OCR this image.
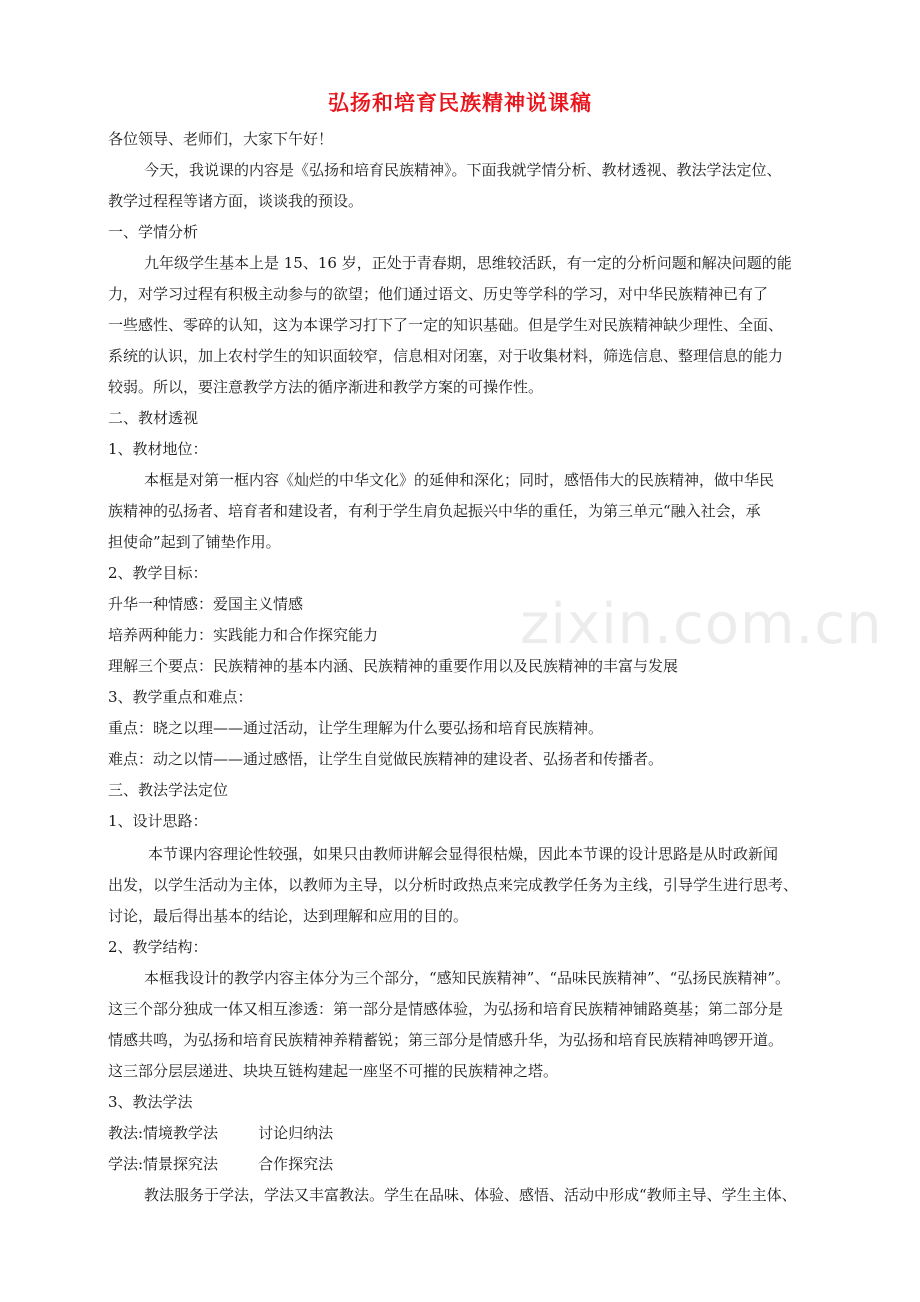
弘扬和培育民族精神说课稿
zixin.com.cn
各位领导、老师们，大家下午好！
今天，我说课的内容是《弘扬和培育民族精神》。下面我就学情分析、教材透视、教法学法定位、
教学过程程等诸方面，谈谈我的预设。
一、学情分析
九年级学生基本上是 15、16 岁，正处于青春期，思维较活跃，有一定的分析问题和解决问题的能
力，对学习过程有积极主动参与的欲望；他们通过语文、历史等学科的学习，对中华民族精神已有了
一些感性、零碎的认知，这为本课学习打下了一定的知识基础。但是学生对民族精神缺少理性、全面、
系统的认识，加上农村学生的知识面较窄，信息相对闭塞，对于收集材料，筛选信息、整理信息的能力
较弱。所以，要注意教学方法的循序渐进和教学方案的可操作性。
二、教材透视
1、教材地位：
本框是对第一框内容《灿烂的中华文化》的延伸和深化；同时，感悟伟大的民族精神，做中华民
族精神的弘扬者、培育者和建设者，有利于学生肩负起振兴中华的重任，为第三单元“融入社会，承
担使命”起到了铺垫作用。
2、教学目标：
升华一种情感：爱国主义情感
培养两种能力：实践能力和合作探究能力
理解三个要点：民族精神的基本内涵、民族精神的重要作用以及民族精神的丰富与发展
3、教学重点和难点：
重点：晓之以理——通过活动，让学生理解为什么要弘扬和培育民族精神。
难点：动之以情——通过感悟，让学生自觉做民族精神的建设者、弘扬者和传播者。
三、教法学法定位
1、设计思路：
本节课内容理论性较强，如果只由教师讲解会显得很枯燥，因此本节课的设计思路是从时政新闻
出发，以学生活动为主体，以教师为主导，以分析时政热点来完成教学任务为主线，引导学生进行思考、
讨论，最后得出基本的结论，达到理解和应用的目的。
2、教学结构：
本框我设计的教学内容主体分为三个部分，“感知民族精神”、“品味民族精神”、“弘扬民族精神”。
这三个部分独成一体又相互渗透：第一部分是情感体验，为弘扬和培育民族精神铺路奠基；第二部分是
情感共鸣，为弘扬和培育民族精神养精蓄锐；第三部分是情感升华，为弘扬和培育民族精神鸣锣开道。
这三部分层层递进、块块互链构建起一座坚不可摧的民族精神之塔。
3、教法学法
教法:情境教学法	讨论归纳法
学法:情景探究法	合作探究法
教法服务于学法，学法又丰富教法。学生在品味、体验、感悟、活动中形成“教师主导、学生主体、
